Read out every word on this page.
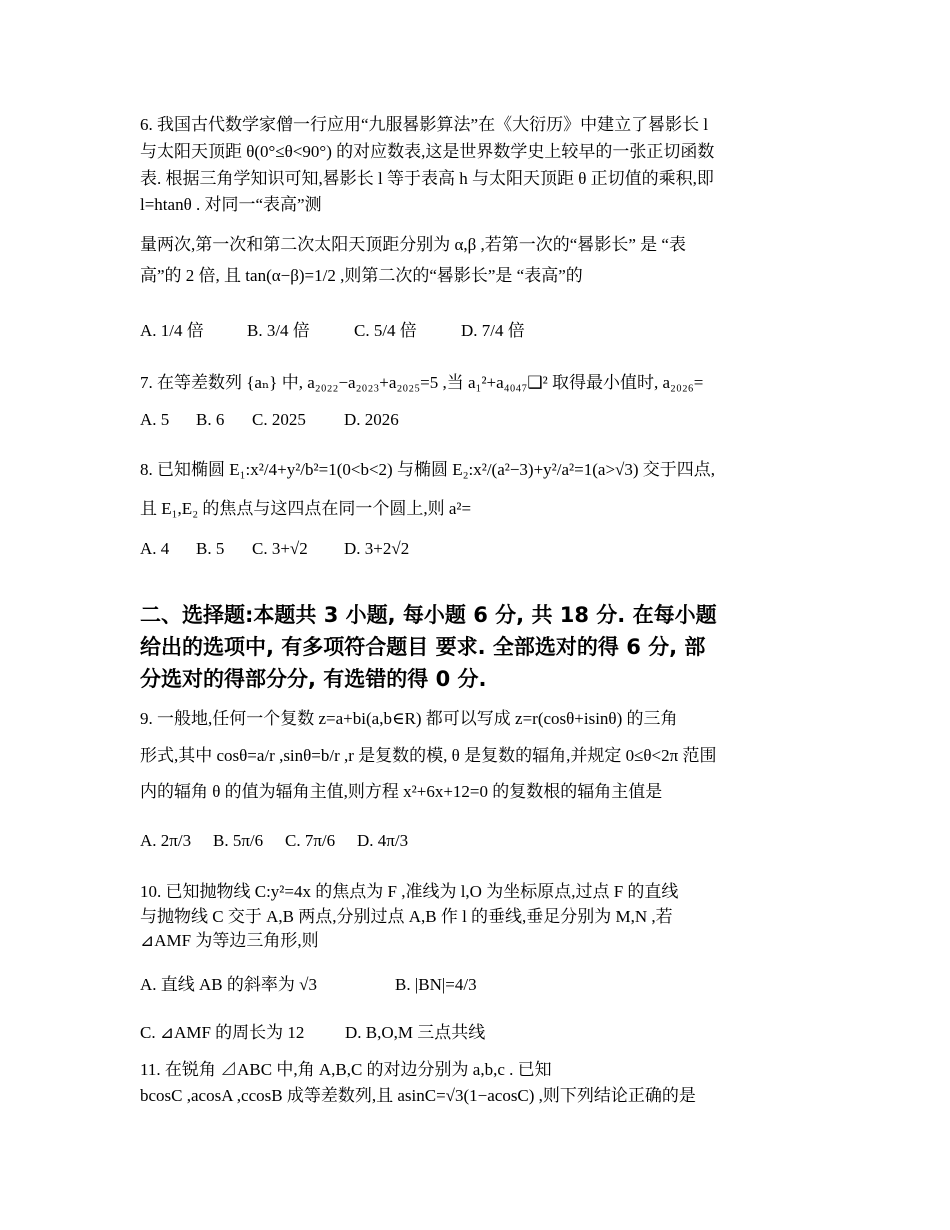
6. 我国古代数学家僧一行应用“九服晷影算法”在《大衍历》中建立了晷影长 l
与太阳天顶距 θ(0°≤θ<90°) 的对应数表,这是世界数学史上较早的一张正切函数
表. 根据三角学知识可知,晷影长 l 等于表高 h 与太阳天顶距 θ 正切值的乘积,即
l=htanθ . 对同一“表高”测
量两次,第一次和第二次太阳天顶距分别为 α,β ,若第一次的“晷影长” 是 “表
高”的 2 倍, 且 tan(α−β)=1/2 ,则第二次的“晷影长”是 “表高”的
A. 1/4 倍	B. 3/4 倍	C. 5/4 倍	D. 7/4 倍
7. 在等差数列 {aₙ} 中, a₂₀₂₂−a₂₀₂₃+a₂₀₂₅=5 ,当 a₁²+a₄₀₄₇❑² 取得最小值时, a₂₀₂₆=
A. 5	B. 6	C. 2025	D. 2026
8. 已知椭圆 E₁:x²/4+y²/b²=1(0<b<2) 与椭圆 E₂:x²/(a²−3)+y²/a²=1(a>√3) 交于四点,
且 E₁,E₂ 的焦点与这四点在同一个圆上,则 a²=
A. 4	B. 5	C. 3+√2	D. 3+2√2
二、选择题:本题共 3 小题, 每小题 6 分, 共 18 分. 在每小题
给出的选项中, 有多项符合题目 要求. 全部选对的得 6 分, 部
分选对的得部分分, 有选错的得 0 分.
9. 一般地,任何一个复数 z=a+bi(a,b∈R) 都可以写成 z=r(cosθ+isinθ) 的三角
形式,其中 cosθ=a/r ,sinθ=b/r ,r 是复数的模, θ 是复数的辐角,并规定 0≤θ<2π 范围
内的辐角 θ 的值为辐角主值,则方程 x²+6x+12=0 的复数根的辐角主值是
A. 2π/3	B. 5π/6	C. 7π/6	D. 4π/3
10. 已知抛物线 C:y²=4x 的焦点为 F ,准线为 l,O 为坐标原点,过点 F 的直线
与抛物线 C 交于 A,B 两点,分别过点 A,B 作 l 的垂线,垂足分别为 M,N ,若
⊿AMF 为等边三角形,则
A. 直线 AB 的斜率为 √3	B. |BN|=4/3
C. ⊿AMF 的周长为 12	D. B,O,M 三点共线
11. 在锐角 ⊿ABC 中,角 A,B,C 的对边分别为 a,b,c . 已知
bcosC ,acosA ,ccosB 成等差数列,且 asinC=√3(1−acosC) ,则下列结论正确的是
